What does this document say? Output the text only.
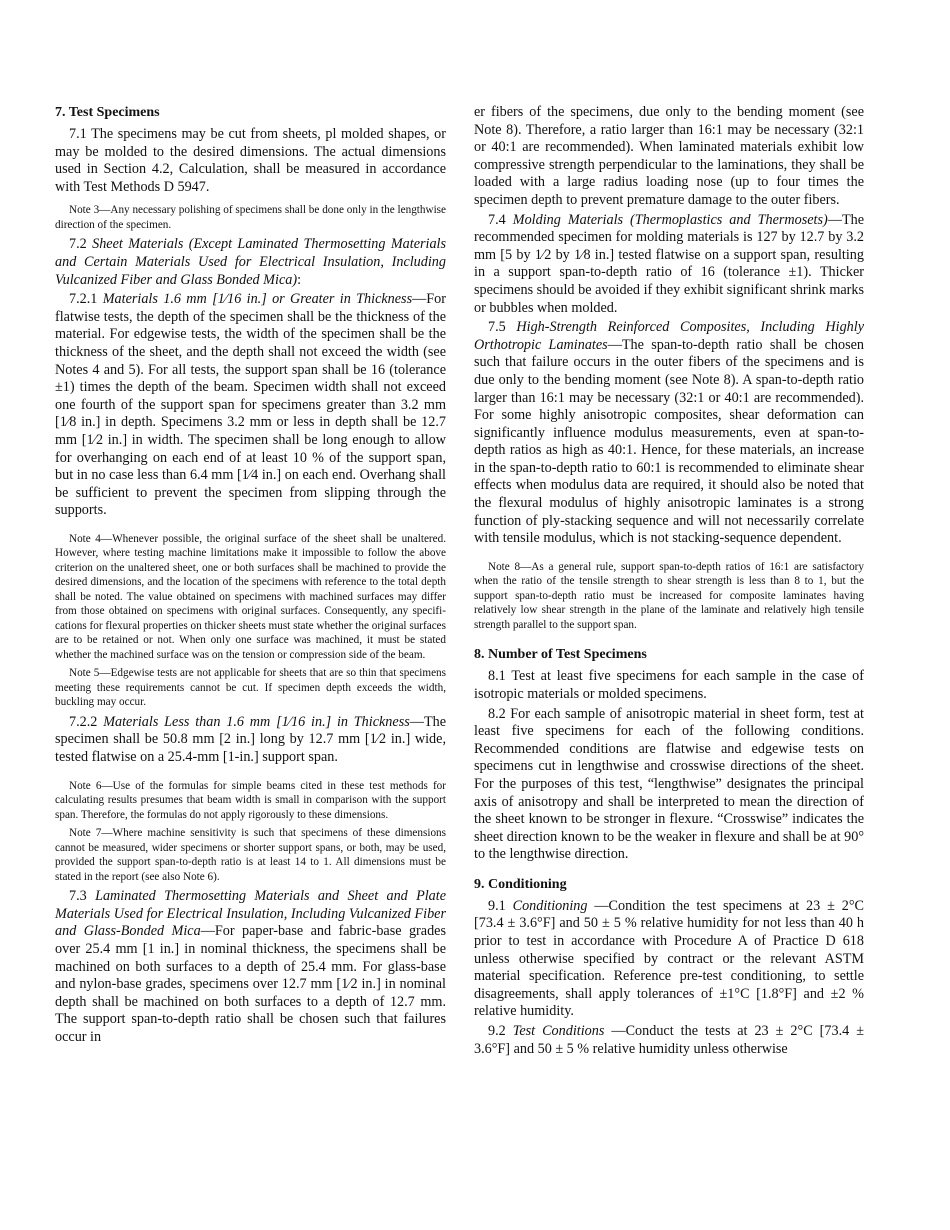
7. Test Specimens

7.1 The specimens may be cut from sheets, pl molded shapes, or may be molded to the desired dimensions. The actual dimensions used in Section 4.2, Calculation, shall be measured in accordance with Test Methods D 5947.

Note 3—Any necessary polishing of specimens shall be done only in the lengthwise direction of the specimen.

7.2 Sheet Materials (Except Laminated Thermosetting Materials and Certain Materials Used for Electrical Insulation, Including Vulcanized Fiber and Glass Bonded Mica):

7.2.1 Materials 1.6 mm [1⁄16 in.] or Greater in Thickness—For flatwise tests, the depth of the specimen shall be the thickness of the material. For edgewise tests, the width of the specimen shall be the thickness of the sheet, and the depth shall not exceed the width (see Notes 4 and 5). For all tests, the support span shall be 16 (tolerance ±1) times the depth of the beam. Specimen width shall not exceed one fourth of the support span for specimens greater than 3.2 mm [1⁄8 in.] in depth. Specimens 3.2 mm or less in depth shall be 12.7 mm [1⁄2 in.] in width. The specimen shall be long enough to allow for overhanging on each end of at least 10 % of the support span, but in no case less than 6.4 mm [1⁄4 in.] on each end. Overhang shall be sufficient to prevent the specimen from slipping through the supports.

Note 4—Whenever possible, the original surface of the sheet shall be unaltered. However, where testing machine limitations make it impossible to follow the above criterion on the unaltered sheet, one or both surfaces shall be machined to provide the desired dimensions, and the location of the specimens with reference to the total depth shall be noted. The value obtained on specimens with machined surfaces may differ from those obtained on specimens with original surfaces. Consequently, any specifications for flexural properties on thicker sheets must state whether the original surfaces are to be retained or not. When only one surface was machined, it must be stated whether the machined surface was on the tension or compression side of the beam.

Note 5—Edgewise tests are not applicable for sheets that are so thin that specimens meeting these requirements cannot be cut. If specimen depth exceeds the width, buckling may occur.

7.2.2 Materials Less than 1.6 mm [1⁄16 in.] in Thickness—The specimen shall be 50.8 mm [2 in.] long by 12.7 mm [1⁄2 in.] wide, tested flatwise on a 25.4-mm [1-in.] support span.

Note 6—Use of the formulas for simple beams cited in these test methods for calculating results presumes that beam width is small in comparison with the support span. Therefore, the formulas do not apply rigorously to these dimensions.

Note 7—Where machine sensitivity is such that specimens of these dimensions cannot be measured, wider specimens or shorter support spans, or both, may be used, provided the support span-to-depth ratio is at least 14 to 1. All dimensions must be stated in the report (see also Note 6).

7.3 Laminated Thermosetting Materials and Sheet and Plate Materials Used for Electrical Insulation, Including Vulcanized Fiber and Glass-Bonded Mica—For paper-base and fabric-base grades over 25.4 mm [1 in.] in nominal thickness, the specimens shall be machined on both surfaces to a depth of 25.4 mm. For glass-base and nylon-base grades, specimens over 12.7 mm [1⁄2 in.] in nominal depth shall be machined on both surfaces to a depth of 12.7 mm. The support span-to-depth ratio shall be chosen such that failures occur in

er fibers of the specimens, due only to the bending moment (see Note 8). Therefore, a ratio larger than 16:1 may be necessary (32:1 or 40:1 are recommended). When laminated materials exhibit low compressive strength perpendicular to the laminations, they shall be loaded with a large radius loading nose (up to four times the specimen depth to prevent premature damage to the outer fibers.

7.4 Molding Materials (Thermoplastics and Thermosets)—The recommended specimen for molding materials is 127 by 12.7 by 3.2 mm [5 by 1⁄2 by 1⁄8 in.] tested flatwise on a support span, resulting in a support span-to-depth ratio of 16 (tolerance ±1). Thicker specimens should be avoided if they exhibit significant shrink marks or bubbles when molded.

7.5 High-Strength Reinforced Composites, Including Highly Orthotropic Laminates—The span-to-depth ratio shall be chosen such that failure occurs in the outer fibers of the specimens and is due only to the bending moment (see Note 8). A span-to-depth ratio larger than 16:1 may be necessary (32:1 or 40:1 are recommended). For some highly anisotropic composites, shear deformation can significantly influence modulus measurements, even at span-to-depth ratios as high as 40:1. Hence, for these materials, an increase in the span-to-depth ratio to 60:1 is recommended to eliminate shear effects when modulus data are required, it should also be noted that the flexural modulus of highly anisotropic laminates is a strong function of ply-stacking sequence and will not necessarily correlate with tensile modulus, which is not stacking-sequence dependent.

Note 8—As a general rule, support span-to-depth ratios of 16:1 are satisfactory when the ratio of the tensile strength to shear strength is less than 8 to 1, but the support span-to-depth ratio must be increased for composite laminates having relatively low shear strength in the plane of the laminate and relatively high tensile strength parallel to the support span.

8. Number of Test Specimens

8.1 Test at least five specimens for each sample in the case of isotropic materials or molded specimens.

8.2 For each sample of anisotropic material in sheet form, test at least five specimens for each of the following conditions. Recommended conditions are flatwise and edgewise tests on specimens cut in lengthwise and crosswise directions of the sheet. For the purposes of this test, “lengthwise” designates the principal axis of anisotropy and shall be interpreted to mean the direction of the sheet known to be stronger in flexure. “Crosswise” indicates the sheet direction known to be the weaker in flexure and shall be at 90° to the lengthwise direction.

9. Conditioning

9.1 Conditioning —Condition the test specimens at 23 ± 2°C [73.4 ± 3.6°F] and 50 ± 5 % relative humidity for not less than 40 h prior to test in accordance with Procedure A of Practice D 618 unless otherwise specified by contract or the relevant ASTM material specification. Reference pre-test conditioning, to settle disagreements, shall apply tolerances of ±1°C [1.8°F] and ±2 % relative humidity.

9.2 Test Conditions —Conduct the tests at 23 ± 2°C [73.4 ± 3.6°F] and 50 ± 5 % relative humidity unless otherwise
